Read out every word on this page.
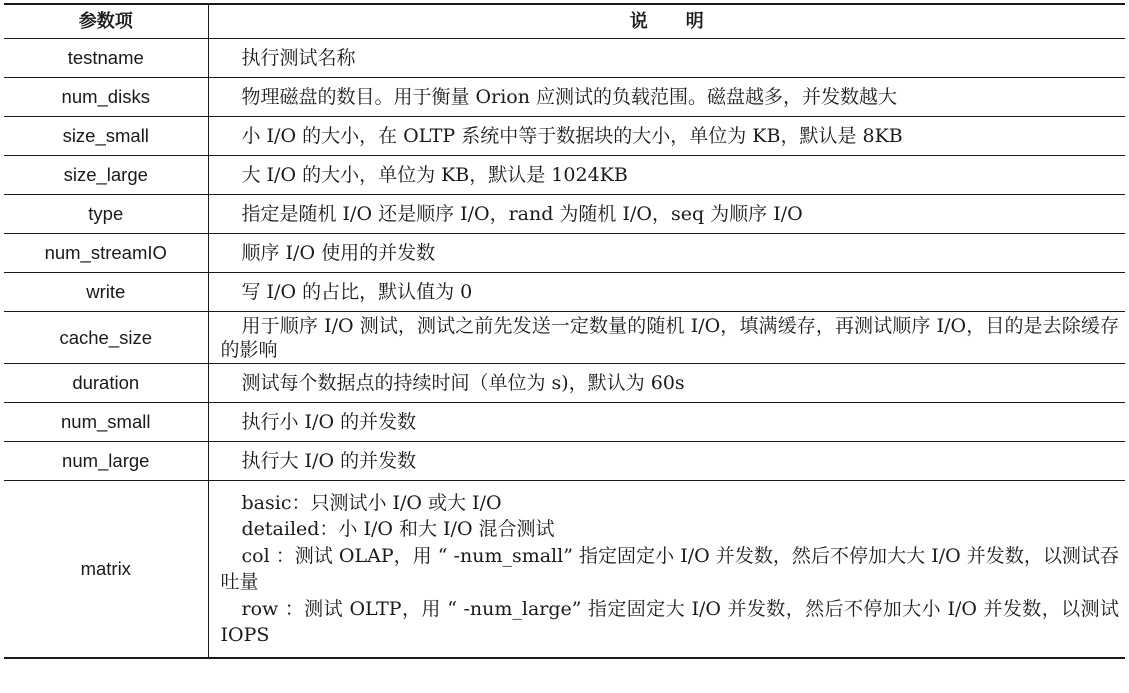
参数项	说 明
testname	执行测试名称

num_disks	物理磁盘的数目。用于衡量 Orion 应测试的负载范围。磁盘越多，并发数越大

size_small	小 I/O 的大小，在 OLTP 系统中等于数据块的大小，单位为 KB，默认是 8KB

size_large	大 I/O 的大小，单位为 KB，默认是 1024KB

type	指定是随机 I/O 还是顺序 I/O，rand 为随机 I/O，seq 为顺序 I/O

num_streamIO	顺序 I/O 使用的并发数

write	写 I/O 的占比，默认值为 0

cache_size	用于顺序 I/O 测试，测试之前先发送一定数量的随机 I/O，填满缓存，再测试顺序 I/O，目的是去除缓存的影响

duration	测试每个数据点的持续时间（单位为 s)，默认为 60s

num_small	执行小 I/O 的并发数

num_large	执行大 I/O 的并发数

matrix	basic：只测试小 I/O 或大 I/O
detailed：小 I/O 和大 I/O 混合测试
col ：测试 OLAP，用 “ -num_small” 指定固定小 I/O 并发数，然后不停加大大 I/O 并发数，以测试吞吐量
row ：测试 OLTP，用 “ -num_large” 指定固定大 I/O 并发数，然后不停加大小 I/O 并发数，以测试 IOPS
